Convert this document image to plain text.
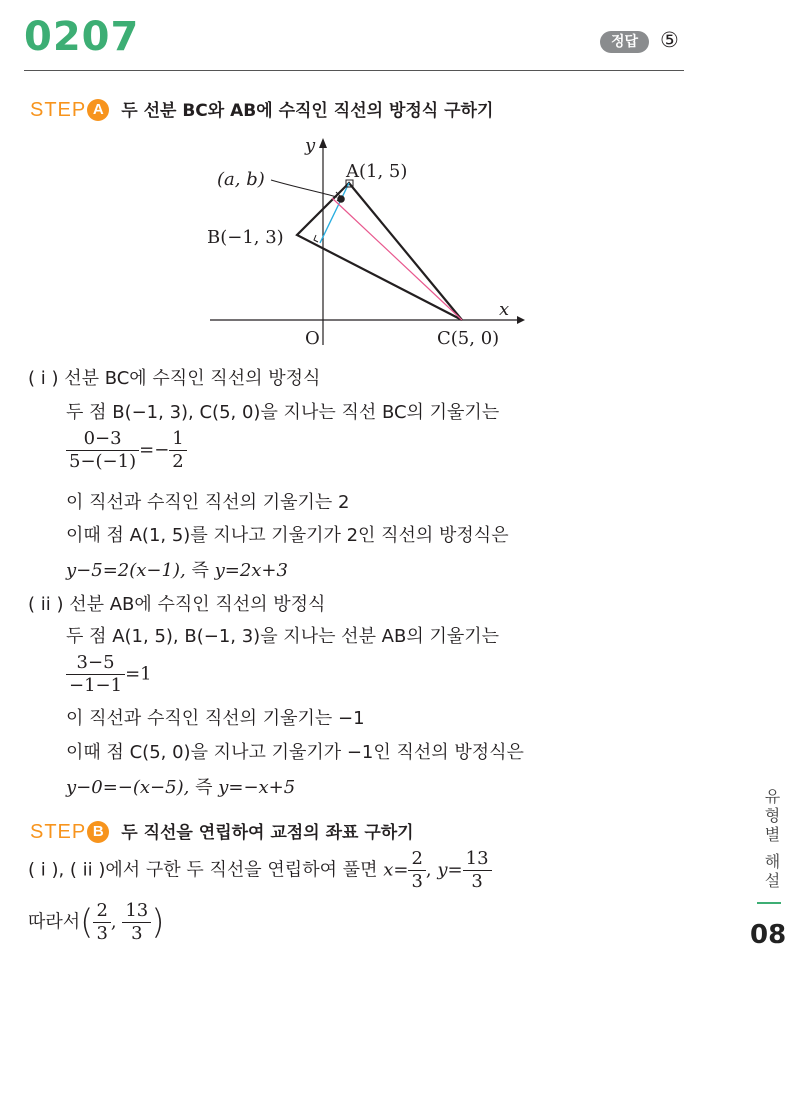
0207	정답	⑤
STEP A 두 선분 BC와 AB에 수직인 직선의 방정식 구하기
y
x
O
A(1, 5)
B(−1, 3)
C(5, 0)
(a, b)
( i ) 선분 BC에 수직인 직선의 방정식
두 점 B(−1, 3), C(5, 0)을 지나는 직선 BC의 기울기는
$\frac{0-3}{5-(-1)} =- \frac{1}{2}$
이 직선과 수직인 직선의 기울기는 2
이때 점 A(1, 5)를 지나고 기울기가 2인 직선의 방정식은
y−5=2(x−1), 즉 y=2x+3
( ii ) 선분 AB에 수직인 직선의 방정식
두 점 A(1, 5), B(−1, 3)을 지나는 선분 AB의 기울기는
$\frac{3-5}{-1-1} =1$
이 직선과 수직인 직선의 기울기는 −1
이때 점 C(5, 0)을 지나고 기울기가 −1인 직선의 방정식은
y−0=−(x−5), 즉 y=−x+5
STEP B 두 직선을 연립하여 교점의 좌표 구하기
( i ), ( ii )에서 구한 두 직선을 연립하여 풀면 $x= \frac{2}{3}$ , $y= \frac{13}{3}$
따라서( $\frac{2}{3}$ , $\frac{13}{3}$ )
유형별 해설
08
